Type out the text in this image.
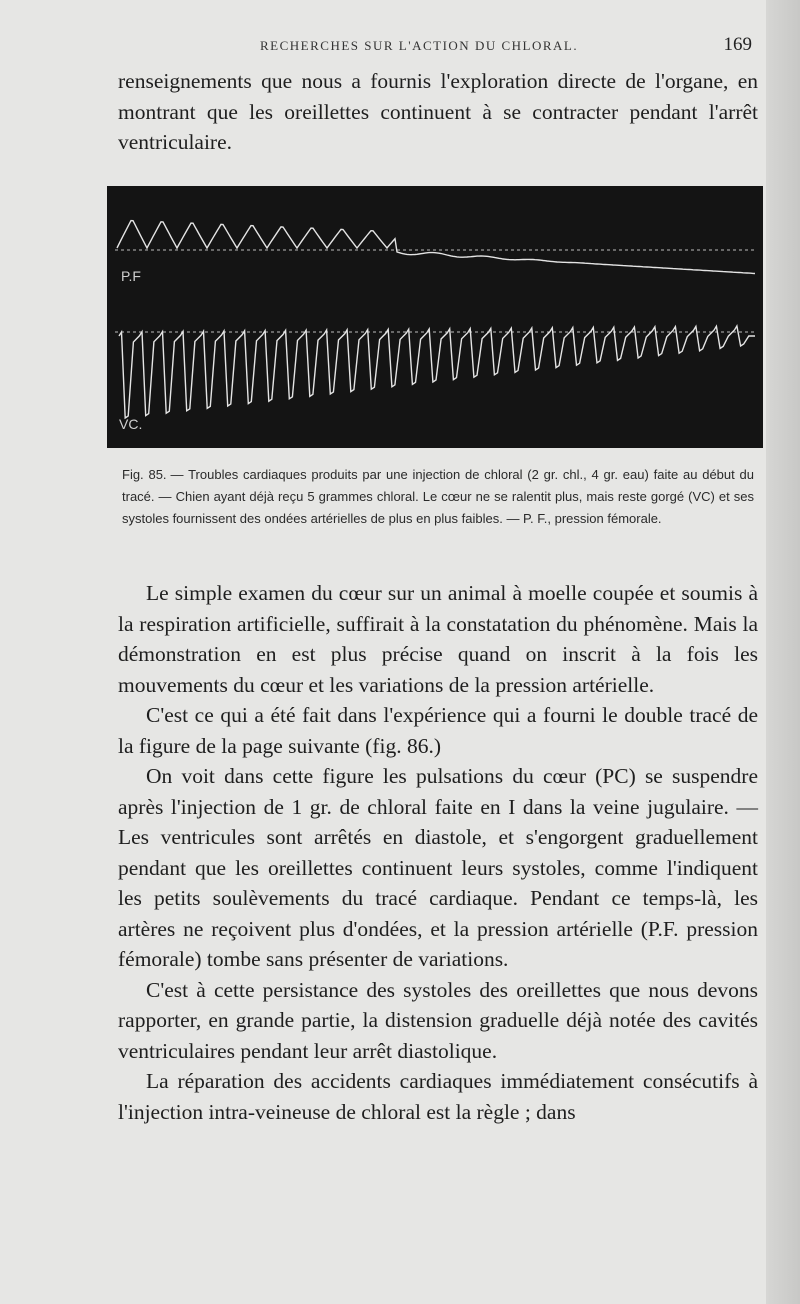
RECHERCHES SUR L'ACTION DU CHLORAL.	169

renseignements que nous a fournis l'exploration directe de l'organe, en montrant que les oreillettes continuent à se contracter pendant l'arrêt ventriculaire.

P.F
VC.
Fig. 85. — Troubles cardiaques produits par une injection de chloral (2 gr. chl., 4 gr. eau) faite au début du tracé. — Chien ayant déjà reçu 5 grammes chloral. Le cœur ne se ralentit plus, mais reste gorgé (VC) et ses systoles fournissent des ondées artérielles de plus en plus faibles. — P. F., pression fémorale.

Le simple examen du cœur sur un animal à moelle coupée et soumis à la respiration artificielle, suffirait à la constatation du phénomène. Mais la démonstration en est plus précise quand on inscrit à la fois les mouvements du cœur et les variations de la pression artérielle.

C'est ce qui a été fait dans l'expérience qui a fourni le double tracé de la figure de la page suivante (fig. 86.)

On voit dans cette figure les pulsations du cœur (PC) se suspendre après l'injection de 1 gr. de chloral faite en I dans la veine jugulaire. — Les ventricules sont arrêtés en diastole, et s'engorgent graduellement pendant que les oreillettes continuent leurs systoles, comme l'indiquent les petits soulèvements du tracé cardiaque. Pendant ce temps-là, les artères ne reçoivent plus d'ondées, et la pression artérielle (P.F. pression fémorale) tombe sans présenter de variations.

C'est à cette persistance des systoles des oreillettes que nous devons rapporter, en grande partie, la distension graduelle déjà notée des cavités ventriculaires pendant leur arrêt diastolique.

La réparation des accidents cardiaques immédiatement consécutifs à l'injection intra-veineuse de chloral est la règle ; dans
